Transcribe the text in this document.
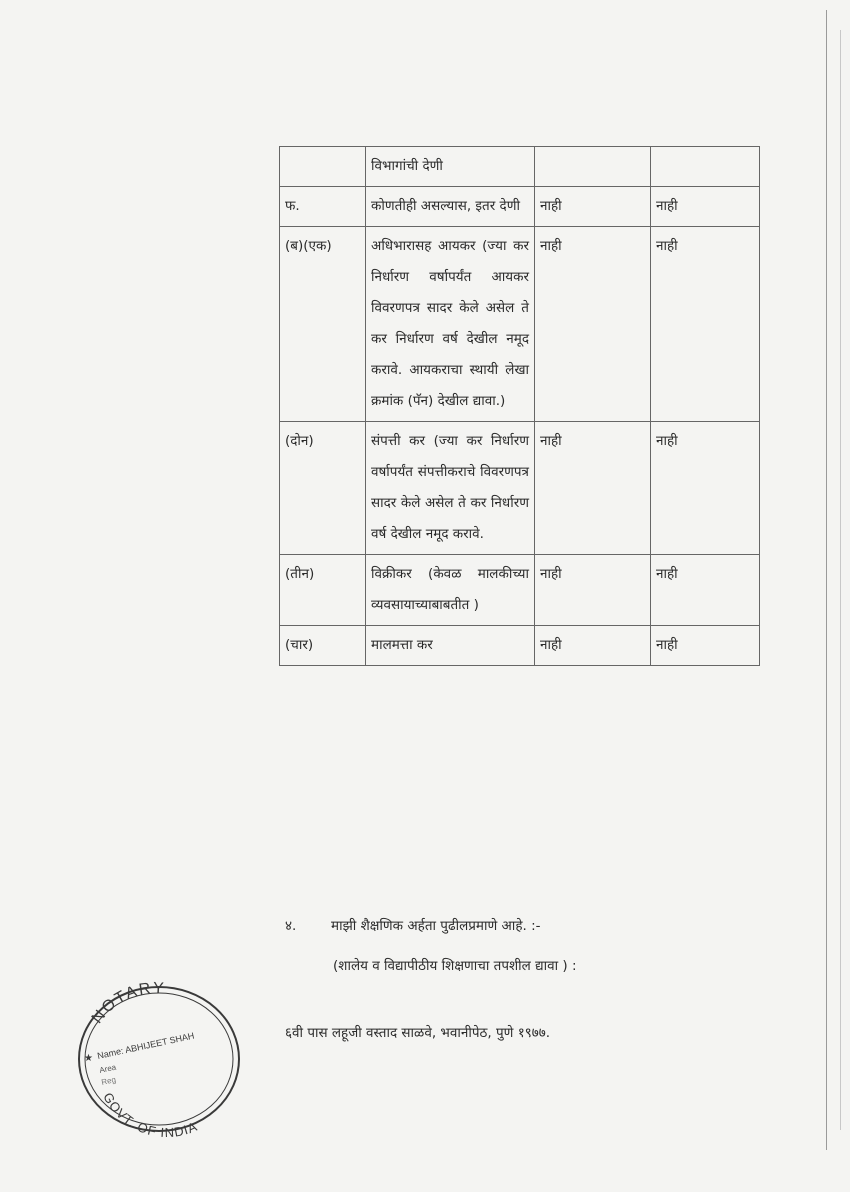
	विभागांची देणी		
फ.	कोणतीही असल्यास, इतर देणी	नाही	नाही
(ब)(एक)	अधिभारासह आयकर (ज्या कर निर्धारण वर्षापर्यंत आयकर विवरणपत्र सादर केले असेल ते कर निर्धारण वर्ष देखील नमूद करावे. आयकराचा स्थायी लेखा क्रमांक (पॅन) देखील द्यावा.)	नाही	नाही
(दोन)	संपत्ती कर (ज्या कर निर्धारण वर्षापर्यंत संपत्तीकराचे विवरणपत्र सादर केले असेल ते कर निर्धारण वर्ष देखील नमूद करावे.	नाही	नाही
(तीन)	विक्रीकर (केवळ मालकीच्या व्यवसायाच्याबाबतीत )	नाही	नाही
(चार)	मालमत्ता कर	नाही	नाही
४.	माझी शैक्षणिक अर्हता पुढीलप्रमाणे आहे. :-
(शालेय व विद्यापीठीय शिक्षणाचा तपशील द्यावा ) :
६वी पास लहूजी वस्ताद साळवे, भवानीपेठ, पुणे १९७७.
NOTARY
GOVT. OF INDIA
Name: ABHIJEET SHAH
Area
Reg
★
